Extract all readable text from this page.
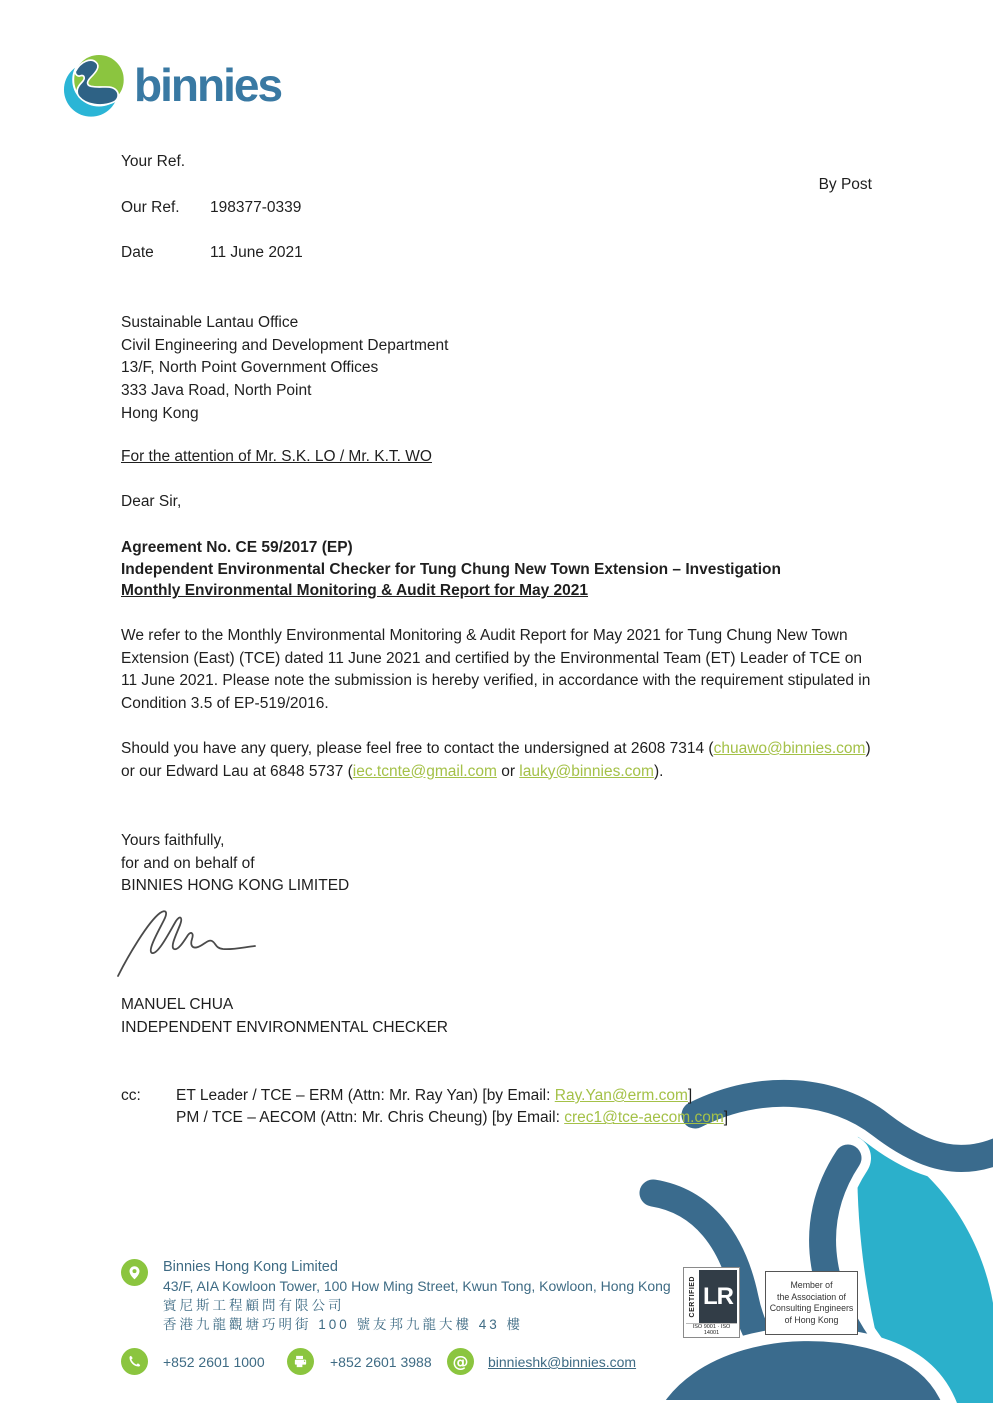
binnies
Your Ref.
By Post
Our Ref.	198377-0339
Date	11 June 2021
Sustainable Lantau Office
Civil Engineering and Development Department
13/F, North Point Government Offices
333 Java Road, North Point
Hong Kong
For the attention of Mr. S.K. LO / Mr. K.T. WO
Dear Sir,
Agreement No. CE 59/2017 (EP)
Independent Environmental Checker for Tung Chung New Town Extension – Investigation
Monthly Environmental Monitoring & Audit Report for May 2021
We refer to the Monthly Environmental Monitoring & Audit Report for May 2021 for Tung Chung New Town Extension (East) (TCE) dated 11 June 2021 and certified by the Environmental Team (ET) Leader of TCE on 11 June 2021. Please note the submission is hereby verified, in accordance with the requirement stipulated in Condition 3.5 of EP-519/2016.
Should you have any query, please feel free to contact the undersigned at 2608 7314 (chuawo@binnies.com) or our Edward Lau at 6848 5737 (iec.tcnte@gmail.com or lauky@binnies.com).
Yours faithfully,
for and on behalf of
BINNIES HONG KONG LIMITED
MANUEL CHUA
INDEPENDENT ENVIRONMENTAL CHECKER
cc:	ET Leader / TCE – ERM (Attn: Mr. Ray Yan) [by Email: Ray.Yan@erm.com]
PM / TCE – AECOM (Attn: Mr. Chris Cheung) [by Email: crec1@tce-aecom.com]
Binnies Hong Kong Limited
43/F, AIA Kowloon Tower, 100 How Ming Street, Kwun Tong, Kowloon, Hong Kong
賓尼斯工程顧問有限公司
香港九龍觀塘巧明街 100 號友邦九龍大樓 43 樓
+852 2601 1000	+852 2601 3988 @ binnieshk@binnies.com
CERTIFIED LR
ISO 9001 · ISO 14001
Member of
the Association of
Consulting Engineers
of Hong Kong
